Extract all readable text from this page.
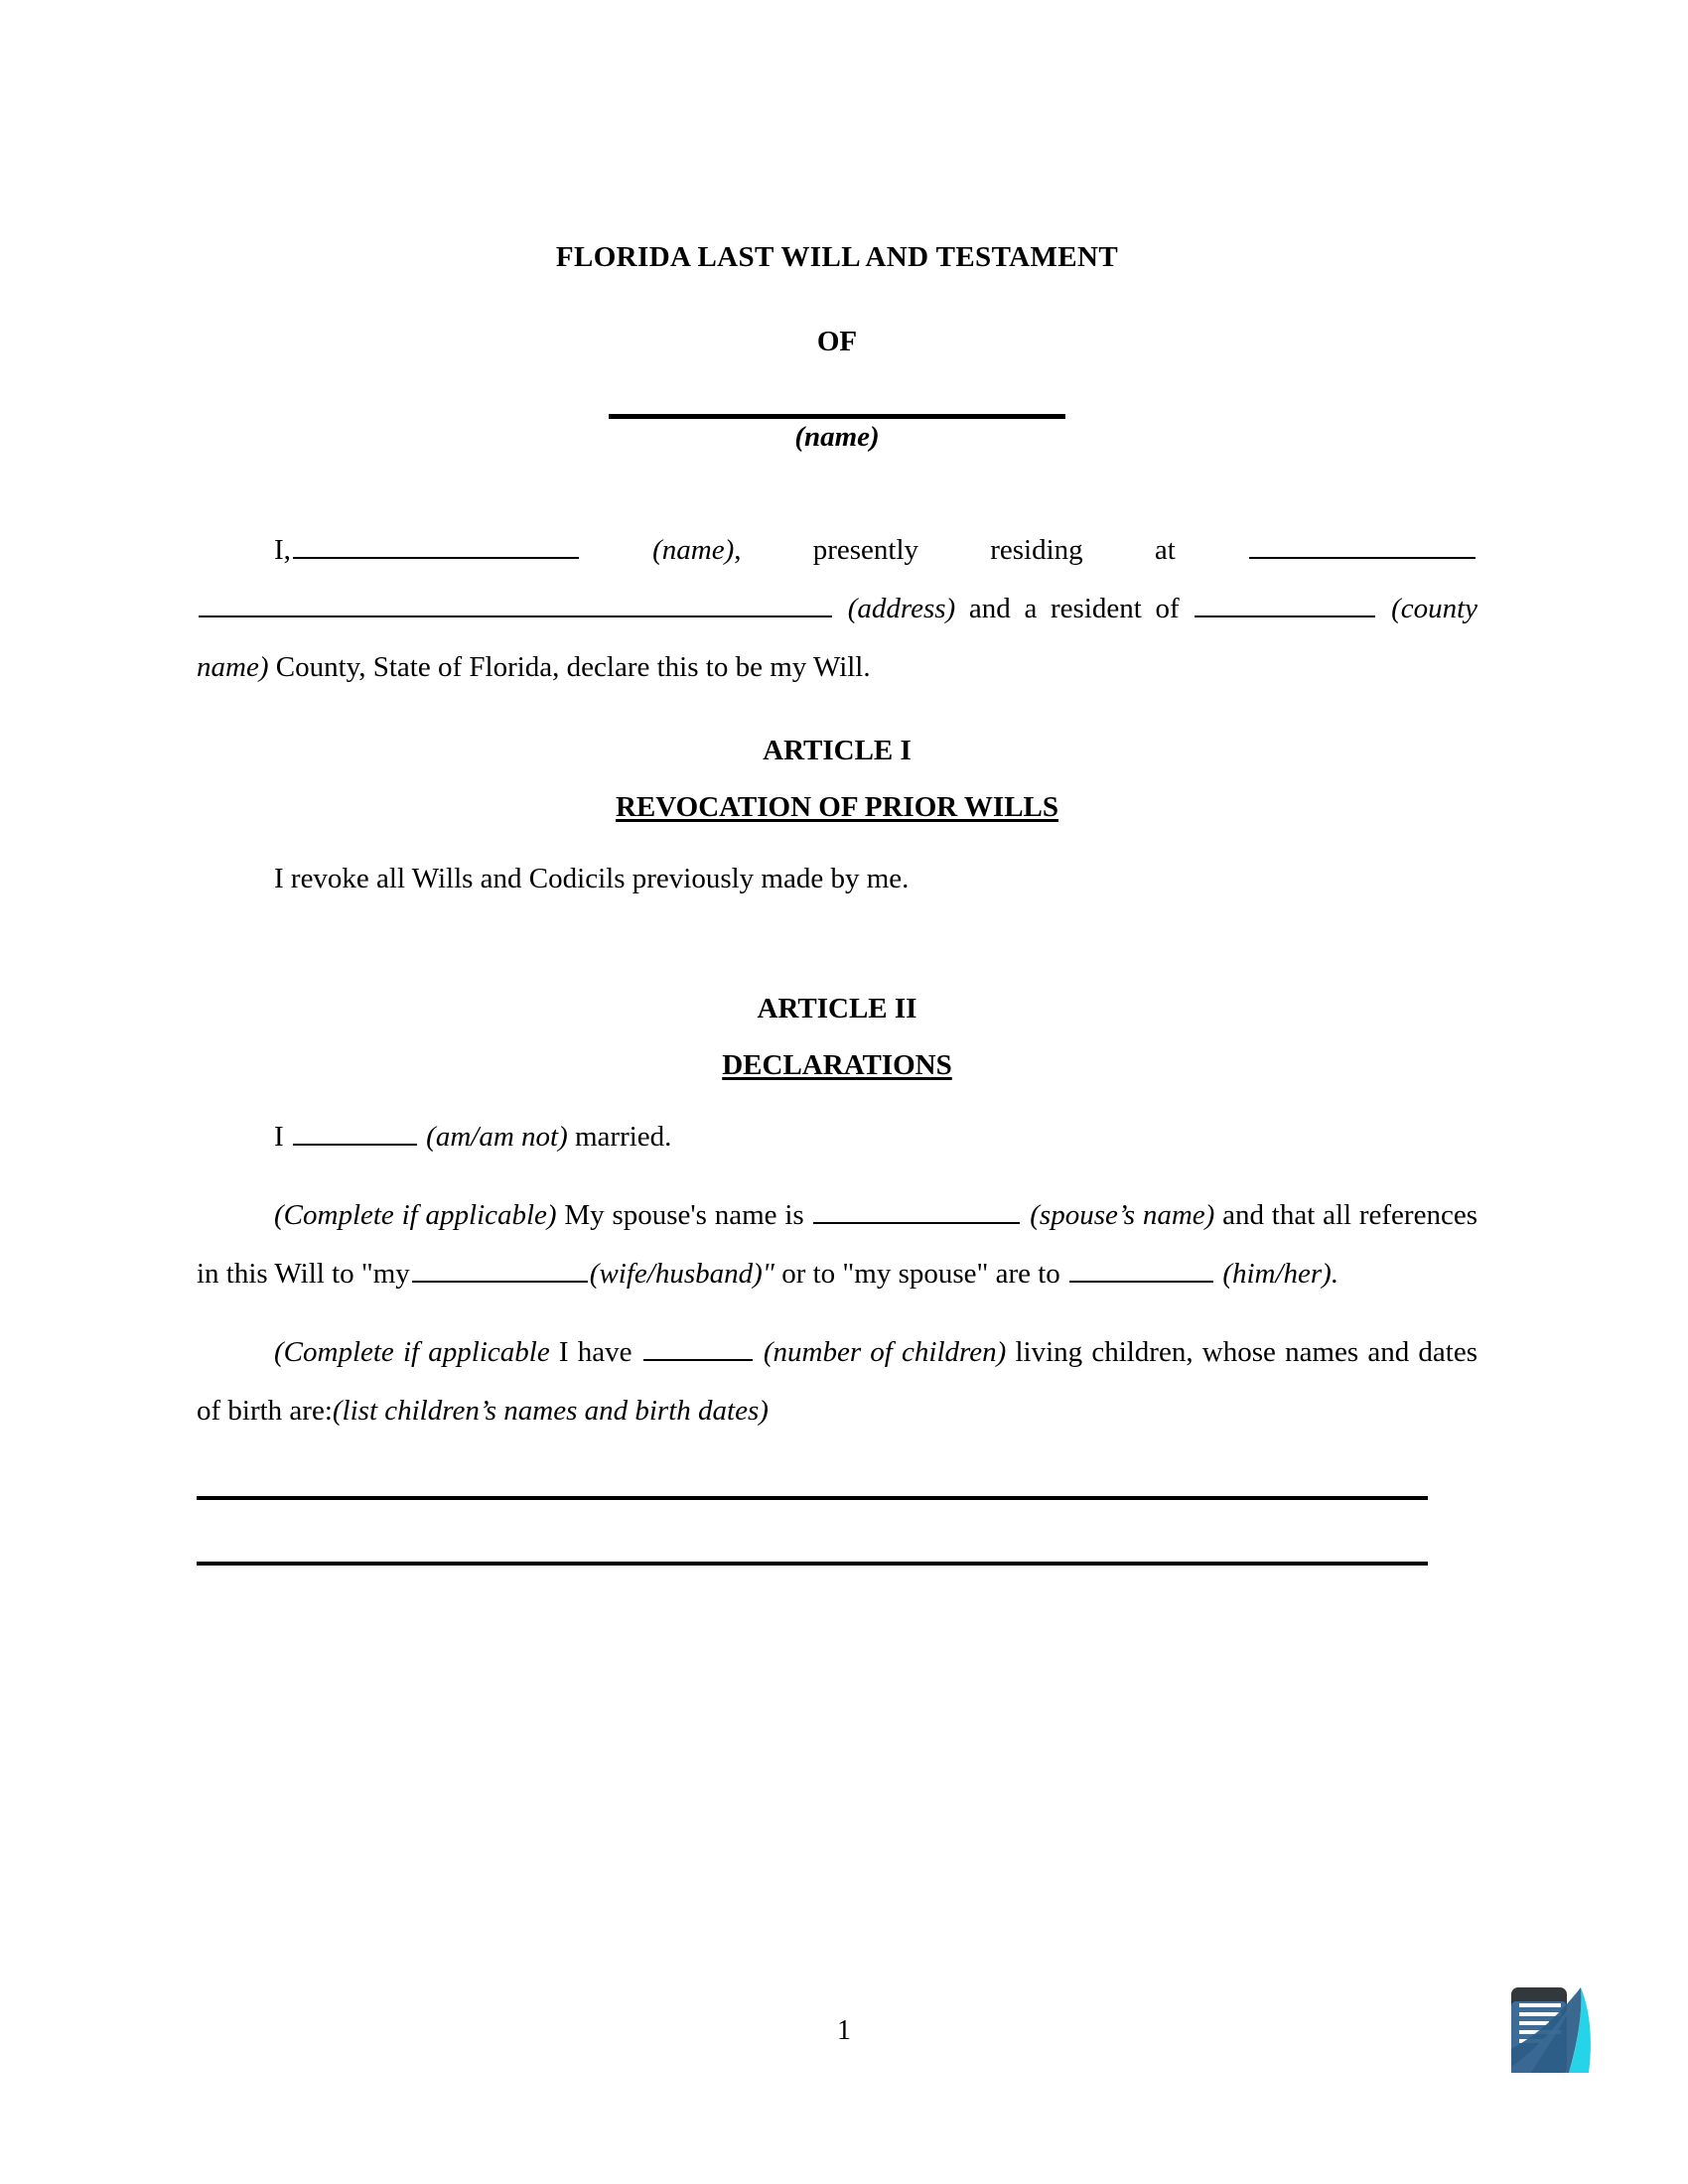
FLORIDA LAST WILL AND TESTAMENT
OF
(name)
I,	(name), presently residing at   (address) and a resident of	(county name) County, State of Florida, declare this to be my Will.
ARTICLE I
REVOCATION OF PRIOR WILLS
I revoke all Wills and Codicils previously made by me.
ARTICLE II
DECLARATIONS
I	(am/am not) married.
(Complete if applicable) My spouse's name is	(spouse’s name) and that all references in this Will to "my	(wife/husband)" or to "my spouse" are to	(him/her).
(Complete if applicable I have	(number of children) living children, whose names and dates of birth are:(list children’s names and birth dates)
1
